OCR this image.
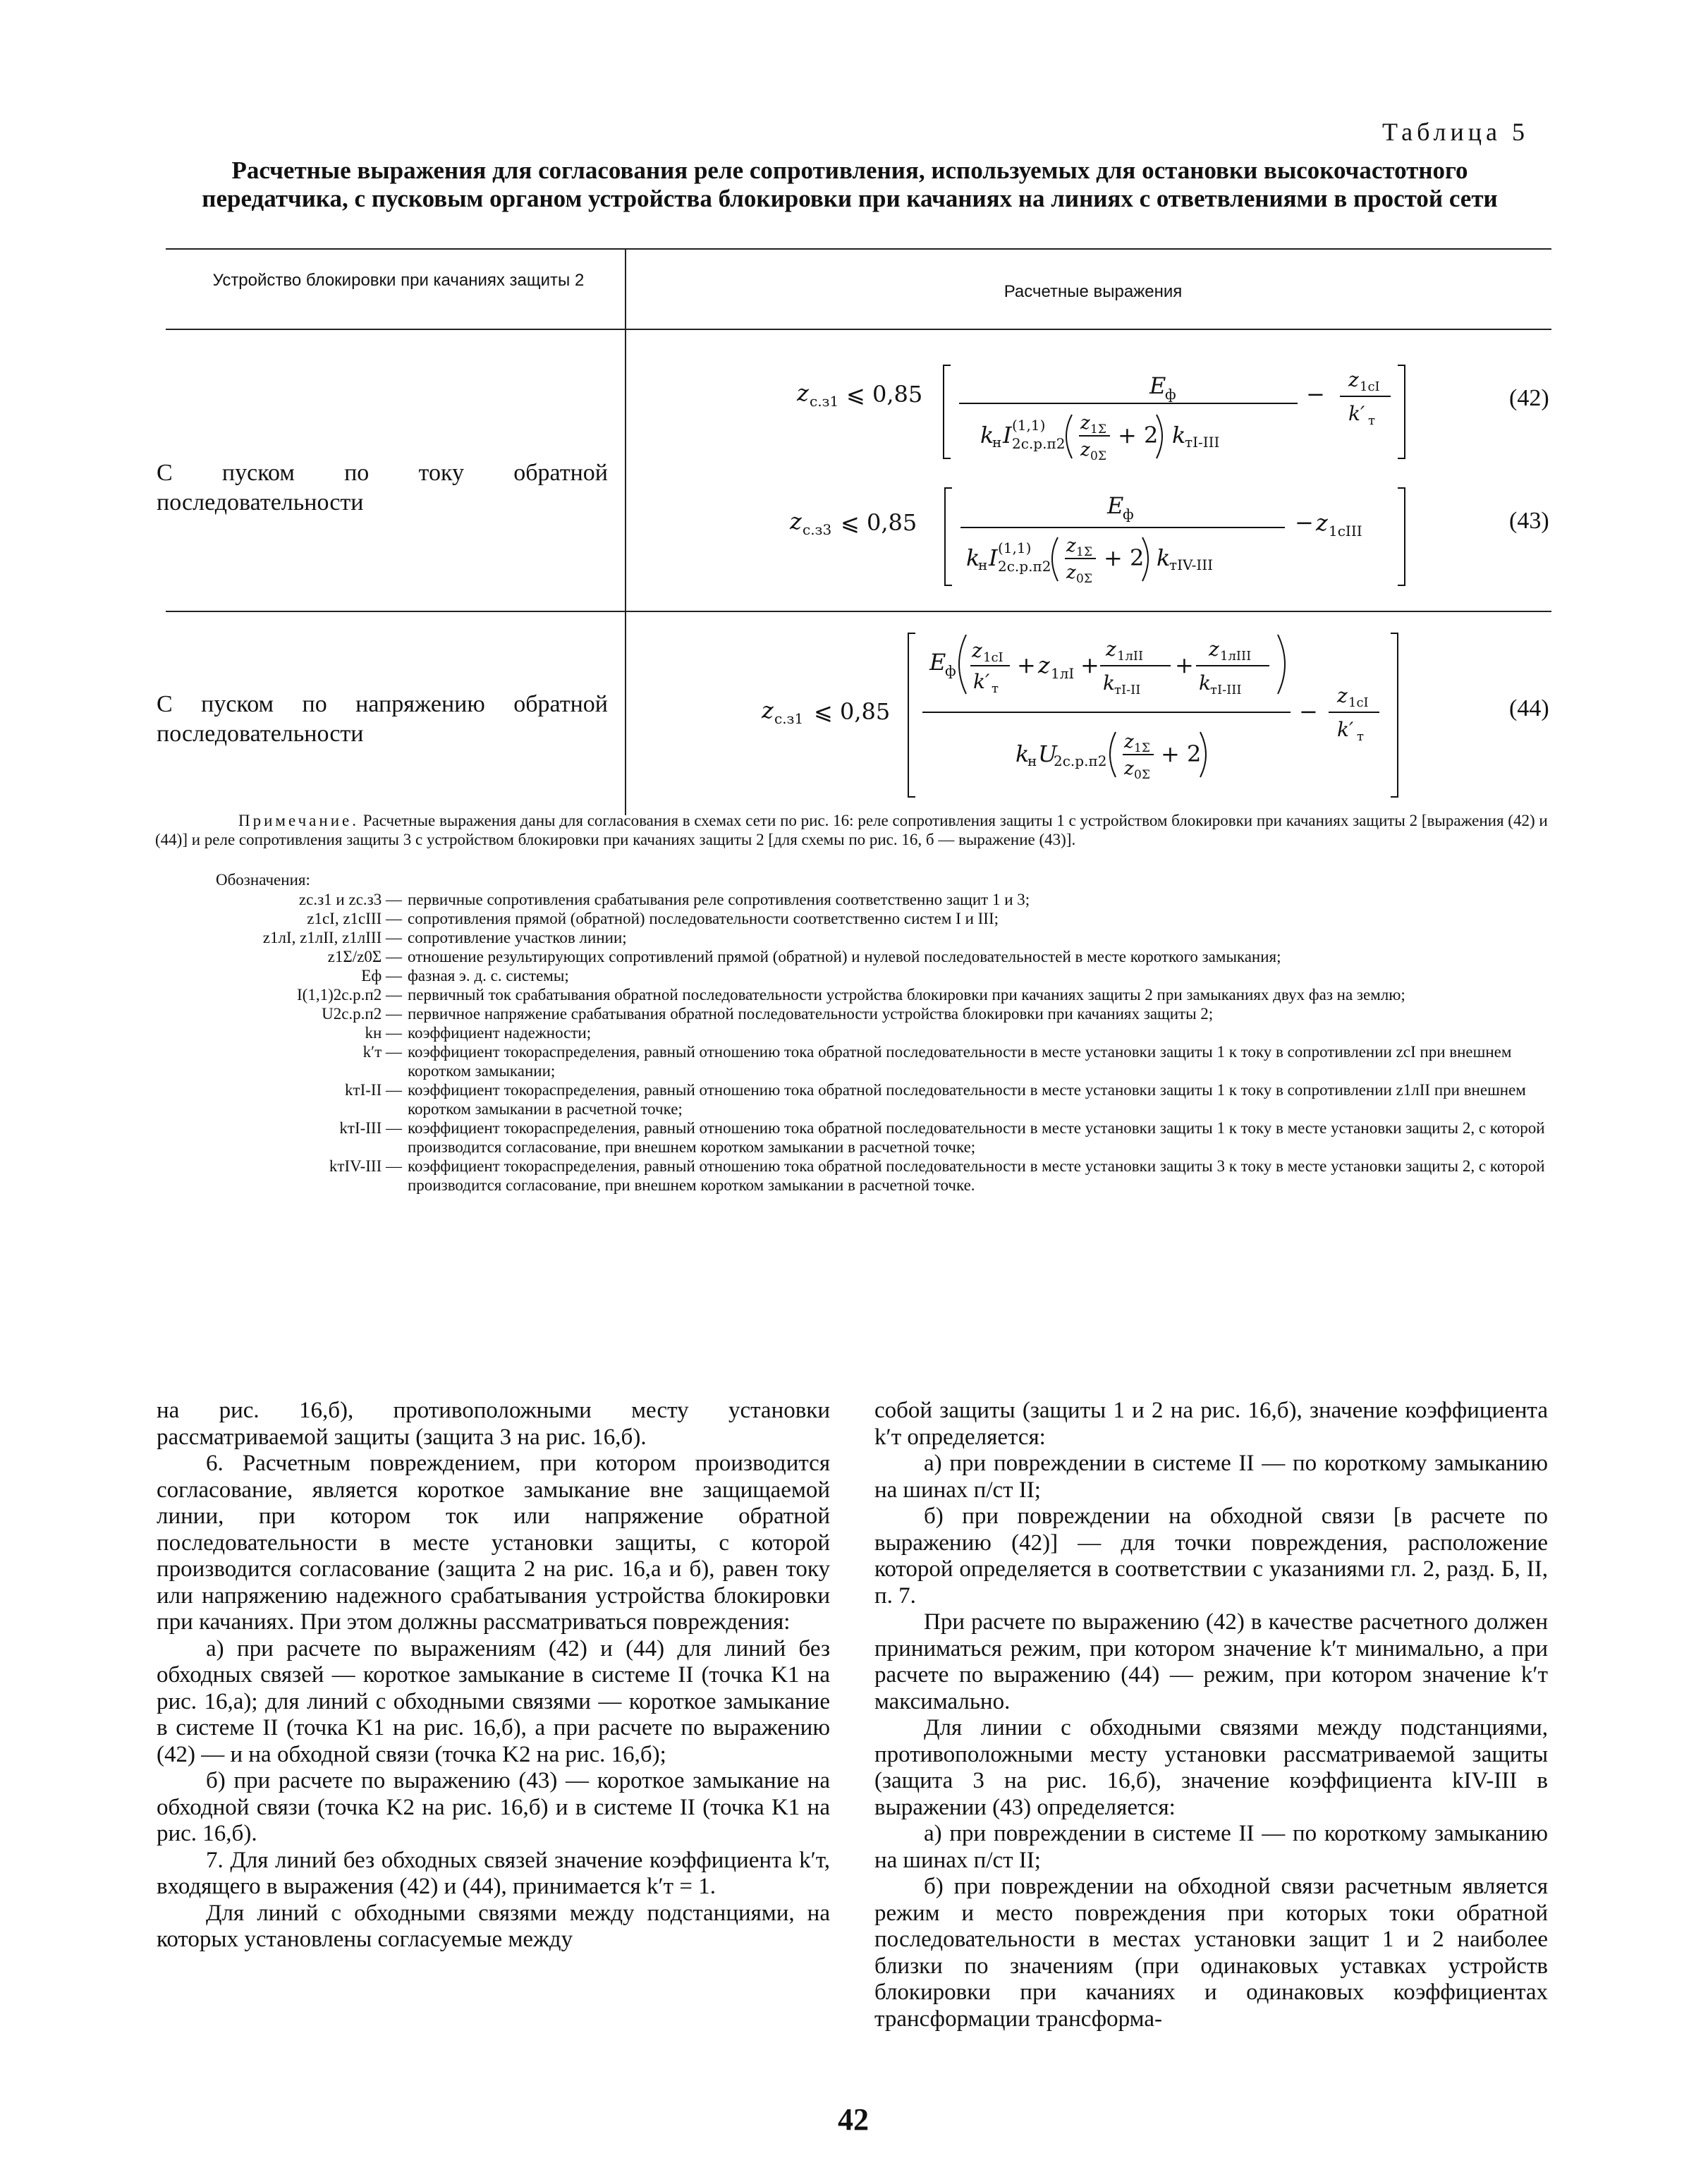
Таблица 5
Расчетные выражения для согласования реле сопротивления, используемых для остановки высокочастотного передатчика, с пусковым органом устройства блокировки при качаниях на линиях с ответвлениями в простой сети
Устройство блокировки при качаниях защиты 2
Расчетные выражения
С пуском по току обратной последовательности
С пуском по напряжению обратной последовательности
z с.з1 ⩽ 0,85	E
ф
k
н I (1,1)
2с.р.п2
z 1Σ
z 0Σ
+ 2 k
тI-III
−
z 1cI
k′ т
(42)
z с.з3 ⩽ 0,85
E
ф
k
н I (1,1)
2с.р.п2
z 1Σ
z 0Σ
+ 2 k
тIV-III
− z 1cIII	(43)
z с.з1 ⩽ 0,85
E
ф
z 1cI
k′ т
+ z 1лI +
z 1лII
k тI-II
+
z 1лIII
k тI-III
k
н U
2с.р.п2
z 1Σ
z 0Σ
+ 2
−
z 1cI
k′ т
(44)
Примечание. Расчетные выражения даны для согласования в схемах сети по рис. 16: реле сопротивления защиты 1 с устройством блокировки при качаниях защиты 2 [выражения (42) и (44)] и реле сопротивления защиты 3 с устройством блокировки при качаниях защиты 2 [для схемы по рис. 16, б — выражение (43)].
Обозначения:
zс.з1 и zс.з3 — первичные сопротивления срабатывания реле сопротивления соответственно защит 1 и 3;
z1cI, z1cIII — сопротивления прямой (обратной) последовательности соответственно систем I и III;
z1лI, z1лII, z1лIII — сопротивление участков линии;
z1Σ/z0Σ — отношение результирующих сопротивлений прямой (обратной) и нулевой последовательностей в месте короткого замыкания;
Eф — фазная э. д. с. системы;
I(1,1)2с.р.п2 — первичный ток срабатывания обратной последовательности устройства блокировки при качаниях защиты 2 при замыканиях двух фаз на землю;
U2с.р.п2 — первичное напряжение срабатывания обратной последовательности устройства блокировки при качаниях защиты 2;
kн — коэффициент надежности;
k′т — коэффициент токораспределения, равный отношению тока обратной последовательности в месте установки защиты 1 к току в сопротивлении zcI при внешнем коротком замыкании;
kтI-II — коэффициент токораспределения, равный отношению тока обратной последовательности в месте установки защиты 1 к току в сопротивлении z1лII при внешнем коротком замыкании в расчетной точке;
kтI-III — коэффициент токораспределения, равный отношению тока обратной последовательности в месте установки защиты 1 к току в месте установки защиты 2, с которой производится согласование, при внешнем коротком замыкании в расчетной точке;
kтIV-III — коэффициент токораспределения, равный отношению тока обратной последовательности в месте установки защиты 3 к току в месте установки защиты 2, с которой производится согласование, при внешнем коротком замыкании в расчетной точке.

на рис. 16,б), противоположными месту установки рассматриваемой защиты (защита 3 на рис. 16,б).

6. Расчетным повреждением, при котором производится согласование, является короткое замыкание вне защищаемой линии, при котором ток или напряжение обратной последовательности в месте установки защиты, с которой производится согласование (защита 2 на рис. 16,а и б), равен току или напряжению надежного срабатывания устройства блокировки при качаниях. При этом должны рассматриваться повреждения:

а) при расчете по выражениям (42) и (44) для линий без обходных связей — короткое замыкание в системе II (точка K1 на рис. 16,а); для линий с обходными связями — короткое замыкание в системе II (точка K1 на рис. 16,б), а при расчете по выражению (42) — и на обходной связи (точка K2 на рис. 16,б);

б) при расчете по выражению (43) — короткое замыкание на обходной связи (точка K2 на рис. 16,б) и в системе II (точка K1 на рис. 16,б).

7. Для линий без обходных связей значение коэффициента k′т, входящего в выражения (42) и (44), принимается k′т = 1.

Для линий с обходными связями между подстанциями, на которых установлены согласуемые между

собой защиты (защиты 1 и 2 на рис. 16,б), значение коэффициента k′т определяется:

а) при повреждении в системе II — по короткому замыканию на шинах п/ст II;

б) при повреждении на обходной связи [в расчете по выражению (42)] — для точки повреждения, расположение которой определяется в соответствии с указаниями гл. 2, разд. Б, II, п. 7.

При расчете по выражению (42) в качестве расчетного должен приниматься режим, при котором значение k′т минимально, а при расчете по выражению (44) — режим, при котором значение k′т максимально.

Для линии с обходными связями между подстанциями, противоположными месту установки рассматриваемой защиты (защита 3 на рис. 16,б), значение коэффициента kIV-III в выражении (43) определяется:

а) при повреждении в системе II — по короткому замыканию на шинах п/ст II;

б) при повреждении на обходной связи расчетным является режим и место повреждения при которых токи обратной последовательности в местах установки защит 1 и 2 наиболее близки по значениям (при одинаковых уставках устройств блокировки при качаниях и одинаковых коэффициентах трансформации трансформа-

42
